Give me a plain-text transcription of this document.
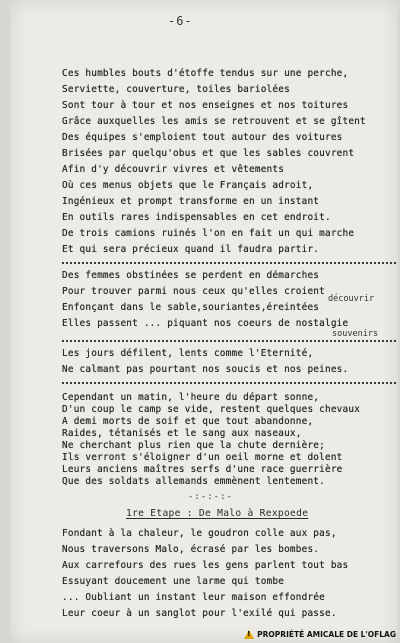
-6-
Ces humbles bouts d'étoffe tendus sur une perche,
Serviette, couverture, toiles bariolées
Sont tour à tour et nos enseignes et nos toitures
Grâce auxquelles les amis se retrouvent et se gîtent
Des équipes s'emploient tout autour des voitures
Brisées par quelqu'obus et que les sables couvrent
Afin d'y découvrir vivres et vêtements
Où ces menus objets que le Français adroit,
Ingénieux et prompt transforme en un instant
En outils rares indispensables en cet endroit.
De trois camions ruinés l'on en fait un qui marche
Et qui sera précieux quand il faudra partir.
Des femmes obstinées se perdent en démarches
Pour trouver parmi nous ceux qu'elles croient
découvrir
Enfonçant dans le sable,souriantes,éreintées
Elles passent ... piquant nos coeurs de nostalgie
souvenirs
Les jours défilent, lents comme l'Eternité,
Ne calmant pas pourtant nos soucis et nos peines.
Cependant un matin, l'heure du départ sonne,
D'un coup le camp se vide, restent quelques chevaux
A demi morts de soif et que tout abandonne,
Raides, tétanisés et le sang aux naseaux,
Ne cherchant plus rien que la chute dernière;
Ils verront s'éloigner d'un oeil morne et dolent
Leurs anciens maîtres serfs d'une race guerrière
Que des soldats allemands emmènent lentement.
-:-:-:-
1re Etape : De Malo à Rexpoede
Fondant à la chaleur, le goudron colle aux pas,
Nous traversons Malo, écrasé par les bombes.
Aux carrefours des rues les gens parlent tout bas
Essuyant doucement une larme qui tombe
... Oubliant un instant leur maison effondrée
Leur coeur à un sanglot pour l'exilé qui passe.
!
PROPRIÉTÉ AMICALE DE L'OFLAG
